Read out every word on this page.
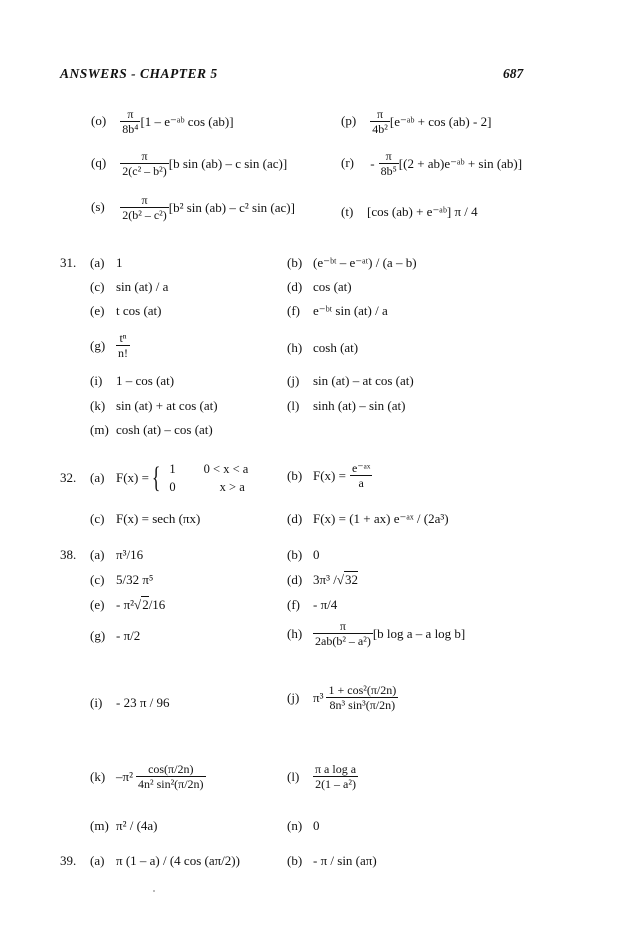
ANSWERS - CHAPTER 5	687
$(o) \frac{\pi}{\text{8b⁴}} [1$ – e⁻ᵃᵇ cos (ab)]	$(p) \frac{\pi}{\text{4b²}}$ [e⁻ᵃᵇ + cos (ab) - 2]
$(q) \frac{\pi}{\text{2(c² – b²)}} [b$ sin (ab) – c sin (ac)]	$(r) - \frac{\pi}{\text{8b⁵}} [(2$ + ab)e⁻ᵃᵇ + sin (ab)]
$(s) \frac{\pi}{\text{2(b² – c²)}} [b^2$ sin (ab) – c² sin (ac)]	(t) [cos (ab) + e⁻ᵃᵇ] π / 4
31. (a) 1	(b) (e⁻ᵇᵗ – e⁻ᵃᵗ) / (a – b)
(c) sin (at) / a	(d) cos (at)
(e) t cos (at)	(f) e⁻ᵇᵗ sin (at) / a
$(g) \frac{\text{tⁿ}}{n!}$	(h) cosh (at)
(i) 1 – cos (at)	(j) sin (at) – at cos (at)
(k) sin (at) + at cos (at)	(l) sinh (at) – sin (at)
(m) cosh (at) – cos (at)
32. (a) F(x) ={ 1	0 < x < a
0	x > a
(b) $F(x) = \frac{\text{e⁻ᵃˣ}}{a}$
(c) F(x) = sech (πx)	(d) F(x) = (1 + ax) e⁻ᵃˣ / (2a³)
38. (a) π³/16	(b) 0
(c) 5/32 π⁵	(d) 3π³ /√32
(e) - π²√2/16	(f) - π/4
(g) - π/2	$(h) \frac{\pi}{\text{2ab(b² – a²)}} [b$ log a – a log b]
(i) - 23 π / 96	(j) $\pi^3 \frac{\text{1 + cos²(π/2n)}}{\text{8n³ sin³(π/2n)}}$
(k) $-\pi^2 \frac{\cos(\pi/2n)}{\text{4n² sin²(π/2n)}}$	$(l) \frac{\text{π a log a}}{\text{2(1 – a²)}}$
(m) π² / (4a)	(n) 0
39. (a) π (1 – a) / (4 cos (aπ/2))	(b) - π / sin (aπ)
